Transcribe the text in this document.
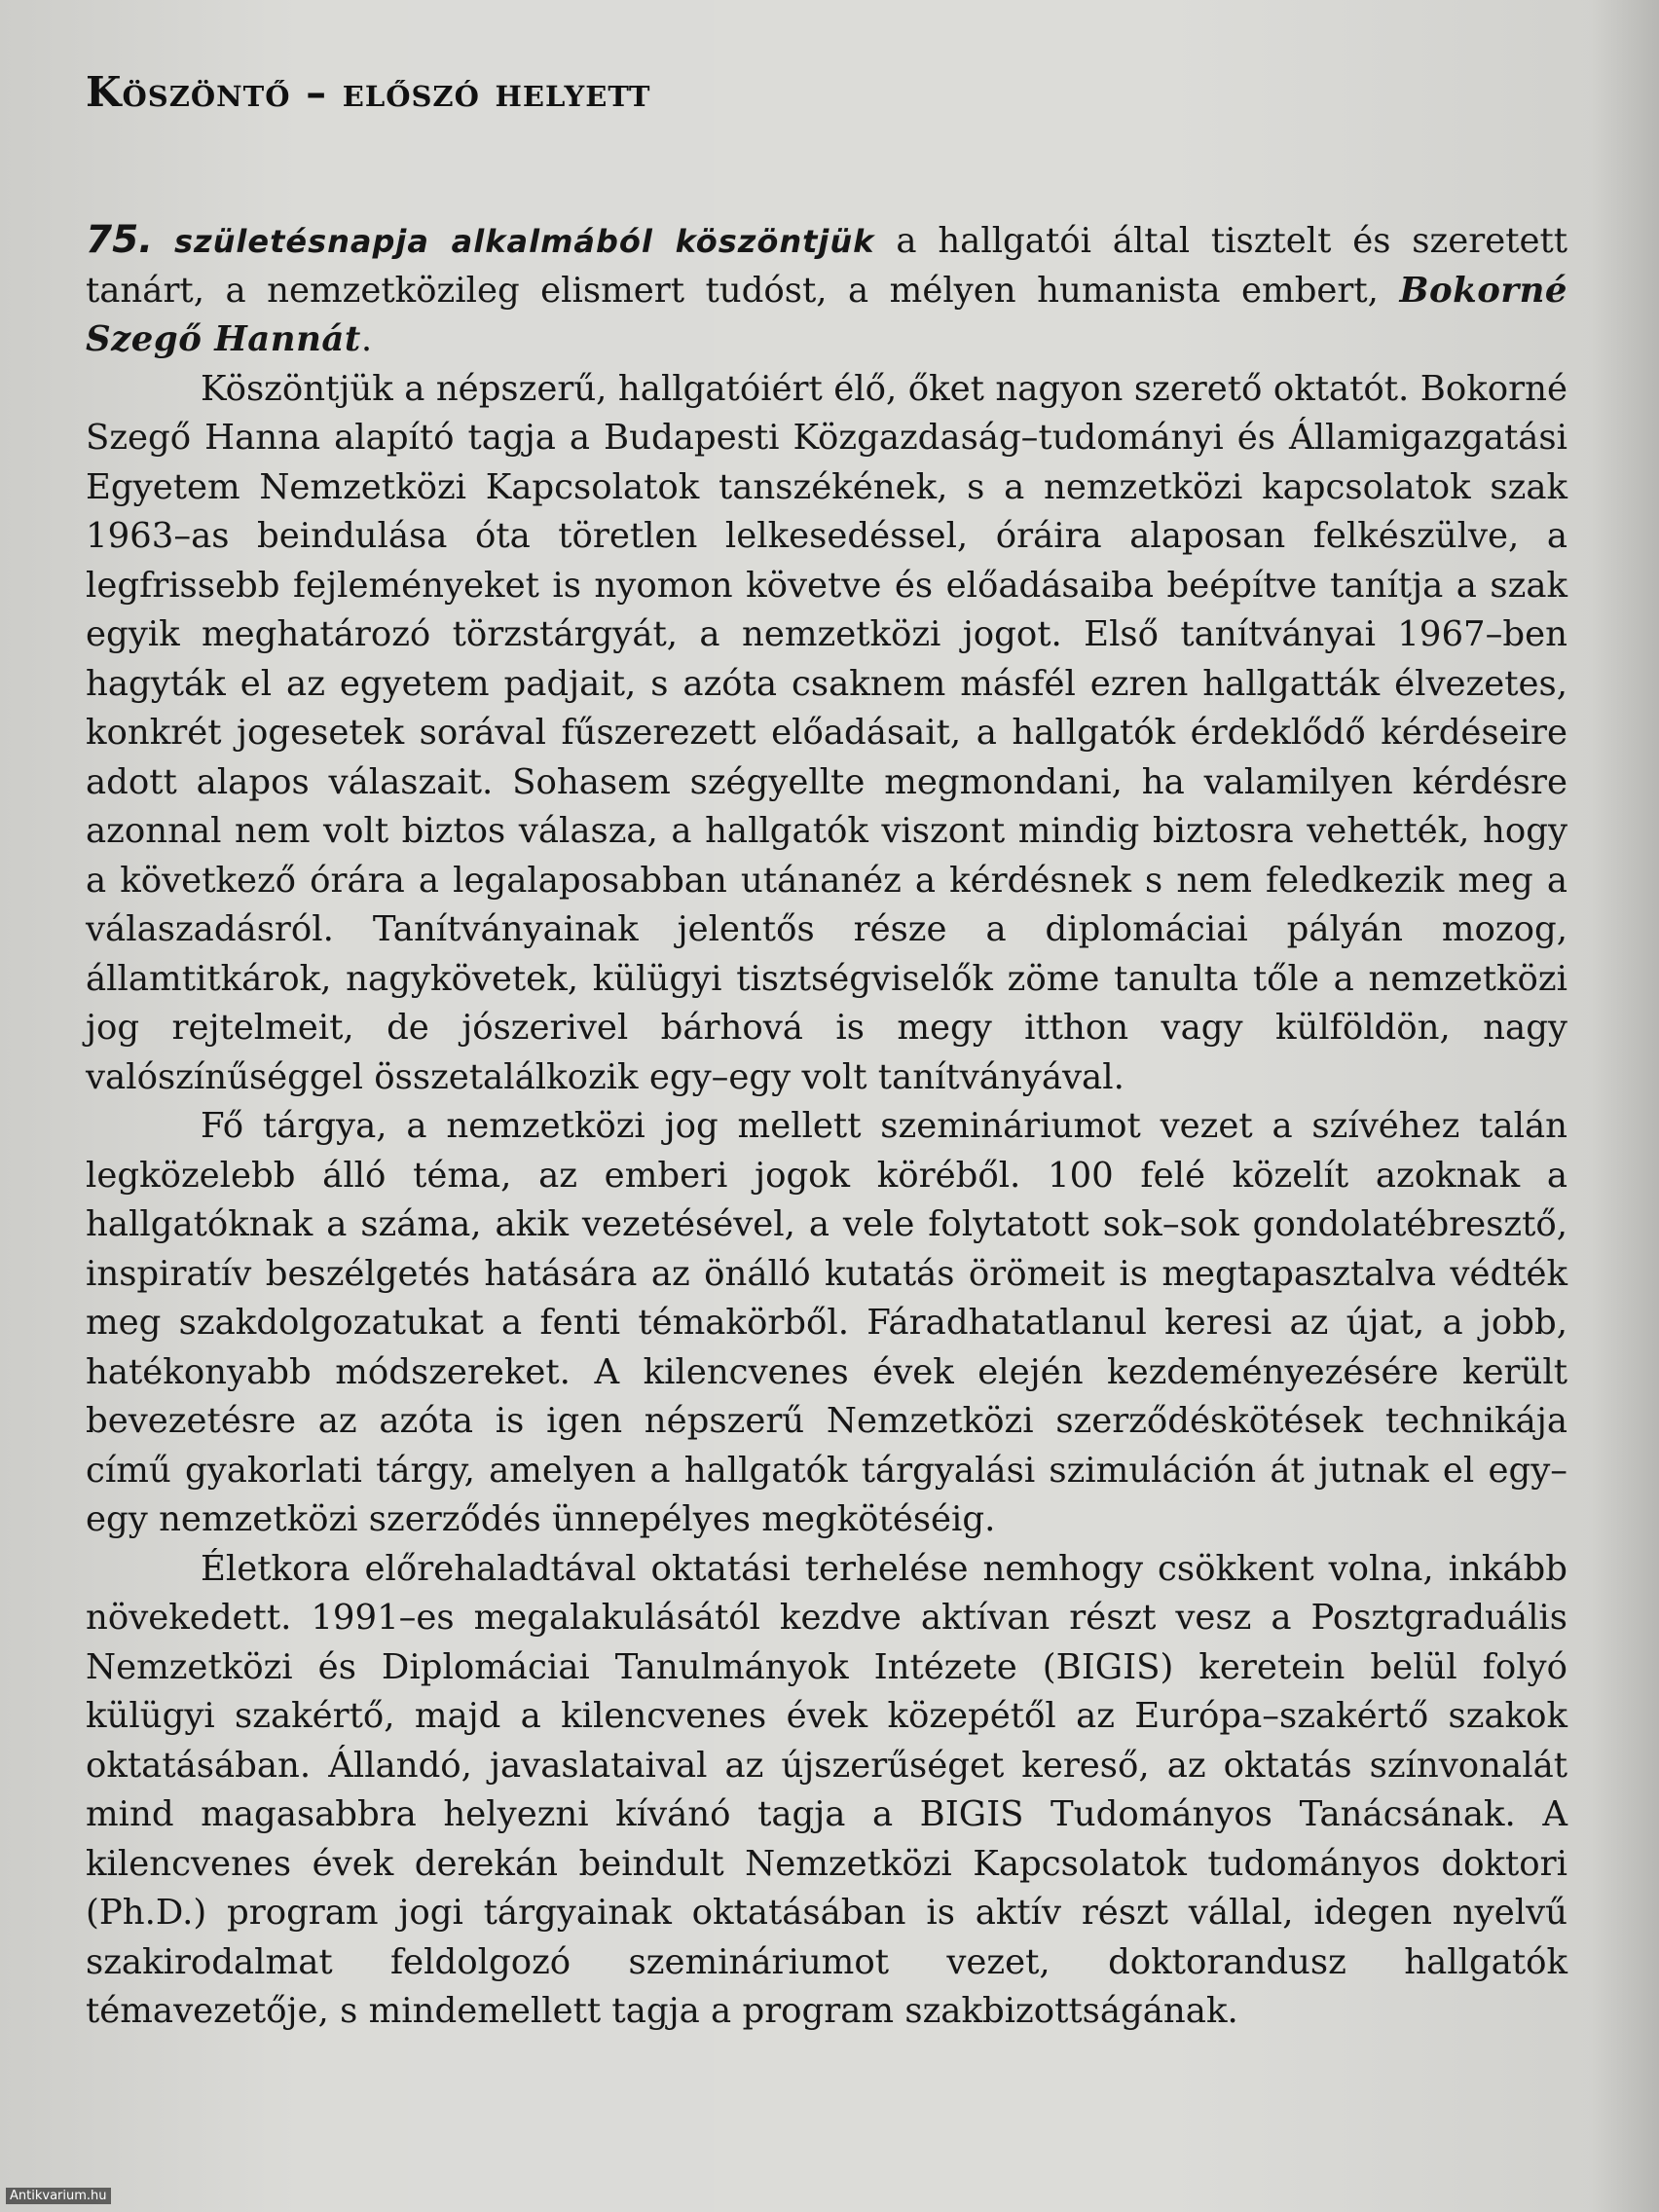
Köszöntő – előszó helyett

75. születésnapja alkalmából köszöntjük a hallgatói által tisztelt és szeretett tanárt, a nemzetközileg elismert tudóst, a mélyen humanista embert, Bokorné Szegő Hannát.

Köszöntjük a népszerű, hallgatóiért élő, őket nagyon szerető oktatót. Bokorné Szegő Hanna alapító tagja a Budapesti Közgazdaság–tudományi és Államigazgatási Egyetem Nemzetközi Kapcsolatok tanszékének, s a nemzetközi kapcsolatok szak 1963–as beindulása óta töretlen lelkesedéssel, óráira alaposan felkészülve, a legfrissebb fejleményeket is nyomon követve és előadásaiba beépítve tanítja a szak egyik meghatározó törzstárgyát, a nemzetközi jogot. Első tanítványai 1967–ben hagyták el az egyetem padjait, s azóta csaknem másfél ezren hallgatták élvezetes, konkrét jogesetek sorával fűszerezett előadásait, a hallgatók érdeklődő kérdéseire adott alapos válaszait. Sohasem szégyellte megmondani, ha valamilyen kérdésre azonnal nem volt biztos válasza, a hallgatók viszont mindig biztosra vehették, hogy a következő órára a legalaposabban utánanéz a kérdésnek s nem feledkezik meg a válaszadásról. Tanítványainak jelentős része a diplomáciai pályán mozog, államtitkárok, nagykövetek, külügyi tisztségviselők zöme tanulta tőle a nemzetközi jog rejtelmeit, de jószerivel bárhová is megy itthon vagy külföldön, nagy valószínűséggel összetalálkozik egy–egy volt tanítványával.

Fő tárgya, a nemzetközi jog mellett szemináriumot vezet a szívéhez talán legközelebb álló téma, az emberi jogok köréből. 100 felé közelít azoknak a hallgatóknak a száma, akik vezetésével, a vele folytatott sok–sok gondolatébresztő, inspiratív beszélgetés hatására az önálló kutatás örömeit is megtapasztalva védték meg szakdolgozatukat a fenti témakörből. Fáradhatatlanul keresi az újat, a jobb, hatékonyabb módszereket. A kilencvenes évek elején kezdeményezésére került bevezetésre az azóta is igen népszerű Nemzetközi szerződéskötések technikája című gyakorlati tárgy, amelyen a hallgatók tárgyalási szimuláción át jutnak el egy–egy nemzetközi szerződés ünnepélyes megkötéséig.

Életkora előrehaladtával oktatási terhelése nemhogy csökkent volna, inkább növekedett. 1991–es megalakulásától kezdve aktívan részt vesz a Posztgraduális Nemzetközi és Diplomáciai Tanulmányok Intézete (BIGIS) keretein belül folyó külügyi szakértő, majd a kilencvenes évek közepétől az Európa–szakértő szakok oktatásában. Állandó, javaslataival az újszerűséget kereső, az oktatás színvonalát mind magasabbra helyezni kívánó tagja a BIGIS Tudományos Tanácsának. A kilencvenes évek derekán beindult Nemzetközi Kapcsolatok tudományos doktori (Ph.D.) program jogi tárgyainak oktatásában is aktív részt vállal, idegen nyelvű szakirodalmat feldolgozó szemináriumot vezet, doktorandusz hallgatók témavezetője, s mindemellett tagja a program szakbizottságának.

Antikvarium.hu
